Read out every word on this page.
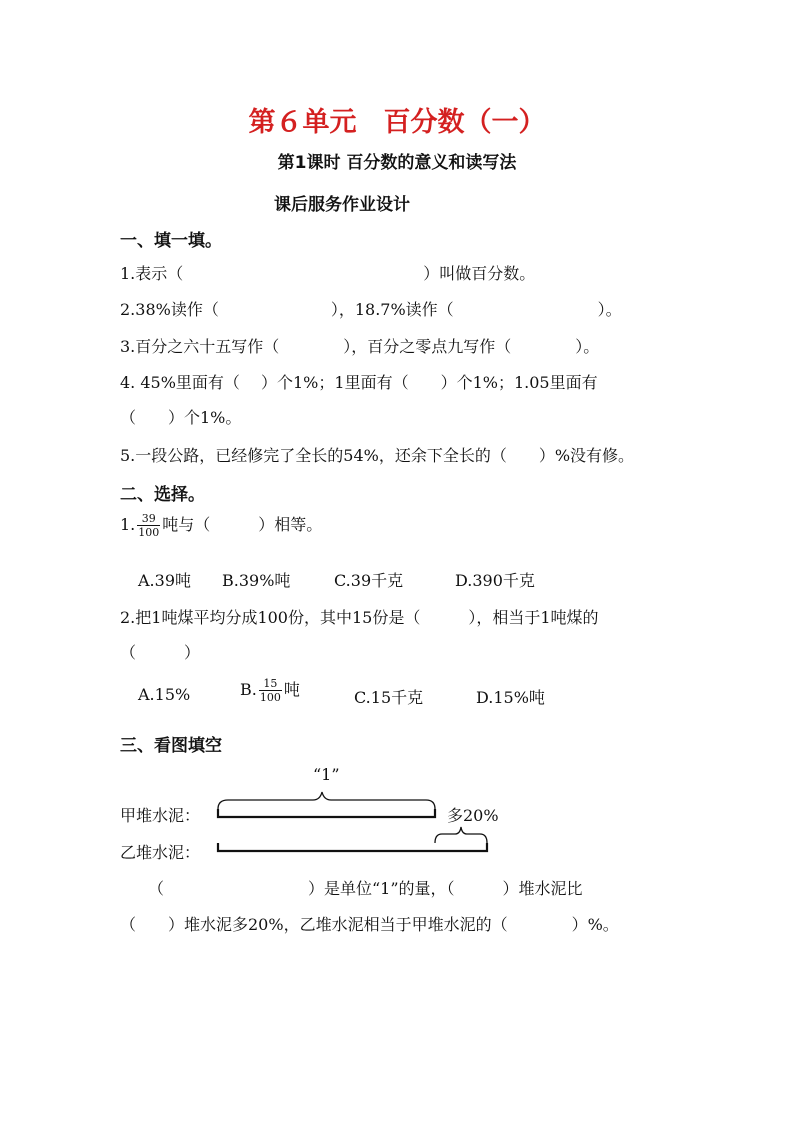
第６单元　百分数（一）
第1课时 百分数的意义和读写法
课后服务作业设计
一、填一填。
1.表示（　　　　　　　　　　　　　　　）叫做百分数。
2.38%读作（　　　　　　　），18.7%读作（　　　　　　　　　）。
3.百分之六十五写作（　　　　），百分之零点九写作（　　　　）。
4. 45%里面有（　 ）个1%；1里面有（　　）个1%；1.05里面有
（　　）个1%。
5.一段公路，已经修完了全长的54%，还余下全长的（　　）%没有修。
二、选择。
1. $\frac{39}{100}$ 吨与（　　　）相等。
A.39吨 B.39%吨	C.39千克	D.390千克
2.把1吨煤平均分成100份，其中15份是（　　　），相当于1吨煤的
（　　　）
A.15%	B. $\frac{15}{100}$ 吨	C.15千克	D.15%吨
三、看图填空
“1”
甲堆水泥：	多20%
乙堆水泥：
（　　　　　　　　　）是单位“1”的量，（　　　）堆水泥比
（　　）堆水泥多20%，乙堆水泥相当于甲堆水泥的（　　　　）%。
